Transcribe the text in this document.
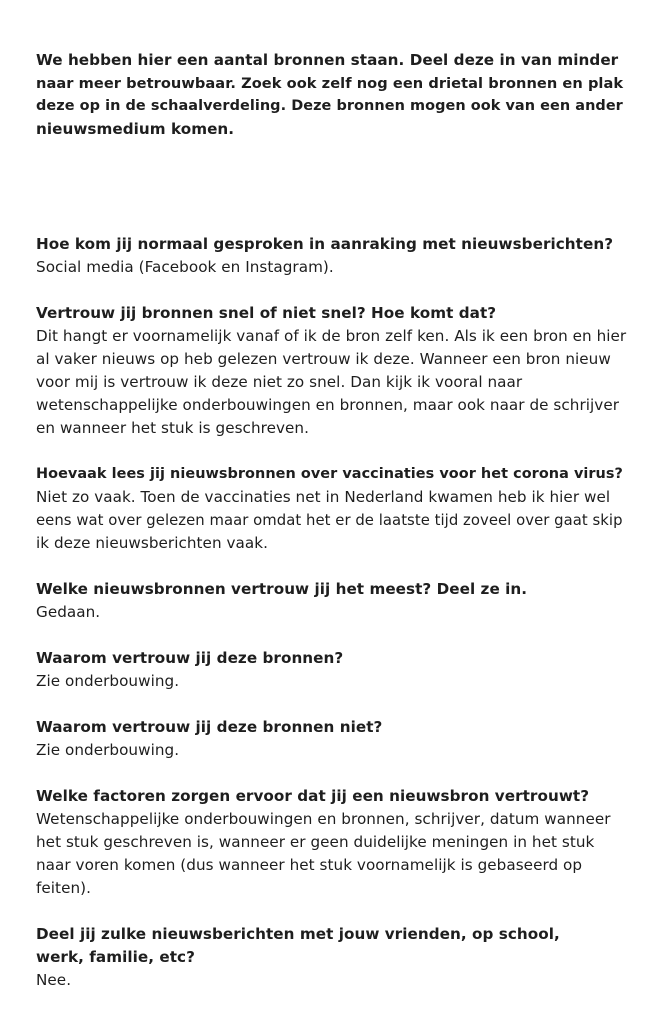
We hebben hier een aantal bronnen staan. Deel deze in van minder
naar meer betrouwbaar. Zoek ook zelf nog een drietal bronnen en plak
deze op in de schaalverdeling. Deze bronnen mogen ook van een ander
nieuwsmedium komen.

Hoe kom jij normaal gesproken in aanraking met nieuwsberichten?

Social media (Facebook en Instagram).

Vertrouw jij bronnen snel of niet snel? Hoe komt dat?

Dit hangt er voornamelijk vanaf of ik de bron zelf ken. Als ik een bron en hier
al vaker nieuws op heb gelezen vertrouw ik deze. Wanneer een bron nieuw
voor mij is vertrouw ik deze niet zo snel. Dan kijk ik vooral naar
wetenschappelijke onderbouwingen en bronnen, maar ook naar de schrijver
en wanneer het stuk is geschreven.

Hoevaak lees jij nieuwsbronnen over vaccinaties voor het corona virus?

Niet zo vaak. Toen de vaccinaties net in Nederland kwamen heb ik hier wel
eens wat over gelezen maar omdat het er de laatste tijd zoveel over gaat skip
ik deze nieuwsberichten vaak.

Welke nieuwsbronnen vertrouw jij het meest? Deel ze in.

Gedaan.

Waarom vertrouw jij deze bronnen?

Zie onderbouwing.

Waarom vertrouw jij deze bronnen niet?

Zie onderbouwing.

Welke factoren zorgen ervoor dat jij een nieuwsbron vertrouwt?

Wetenschappelijke onderbouwingen en bronnen, schrijver, datum wanneer
het stuk geschreven is, wanneer er geen duidelijke meningen in het stuk
naar voren komen (dus wanneer het stuk voornamelijk is gebaseerd op
feiten).

Deel jij zulke nieuwsberichten met jouw vrienden, op school,
werk, familie, etc?

Nee.
